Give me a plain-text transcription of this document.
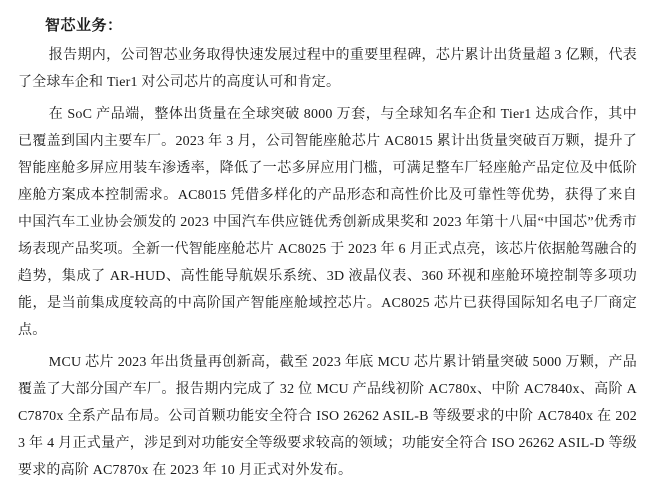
智芯业务：

报告期内，公司智芯业务取得快速发展过程中的重要里程碑，芯片累计出货量超 3 亿颗，代表了全球车企和 Tier1 对公司芯片的高度认可和肯定。

在 SoC 产品端，整体出货量在全球突破 8000 万套，与全球知名车企和 Tier1 达成合作，其中已覆盖到国内主要车厂。2023 年 3 月，公司智能座舱芯片 AC8015 累计出货量突破百万颗，提升了智能座舱多屏应用装车渗透率，降低了一芯多屏应用门槛，可满足整车厂轻座舱产品定位及中低阶座舱方案成本控制需求。AC8015 凭借多样化的产品形态和高性价比及可靠性等优势，获得了来自中国汽车工业协会颁发的 2023 中国汽车供应链优秀创新成果奖和 2023 年第十八届“中国芯”优秀市场表现产品奖项。全新一代智能座舱芯片 AC8025 于 2023 年 6 月正式点亮，该芯片依据舱驾融合的趋势，集成了 AR-HUD、高性能导航娱乐系统、3D 液晶仪表、360 环视和座舱环境控制等多项功能，是当前集成度较高的中高阶国产智能座舱域控芯片。AC8025 芯片已获得国际知名电子厂商定点。

MCU 芯片 2023 年出货量再创新高，截至 2023 年底 MCU 芯片累计销量突破 5000 万颗，产品覆盖了大部分国产车厂。报告期内完成了 32 位 MCU 产品线初阶 AC780x、中阶 AC7840x、高阶 AC7870x 全系产品布局。公司首颗功能安全符合 ISO 26262 ASIL-B 等级要求的中阶 AC7840x 在 2023 年 4 月正式量产，涉足到对功能安全等级要求较高的领域；功能安全符合 ISO 26262 ASIL-D 等级要求的高阶 AC7870x 在 2023 年 10 月正式对外发布。
